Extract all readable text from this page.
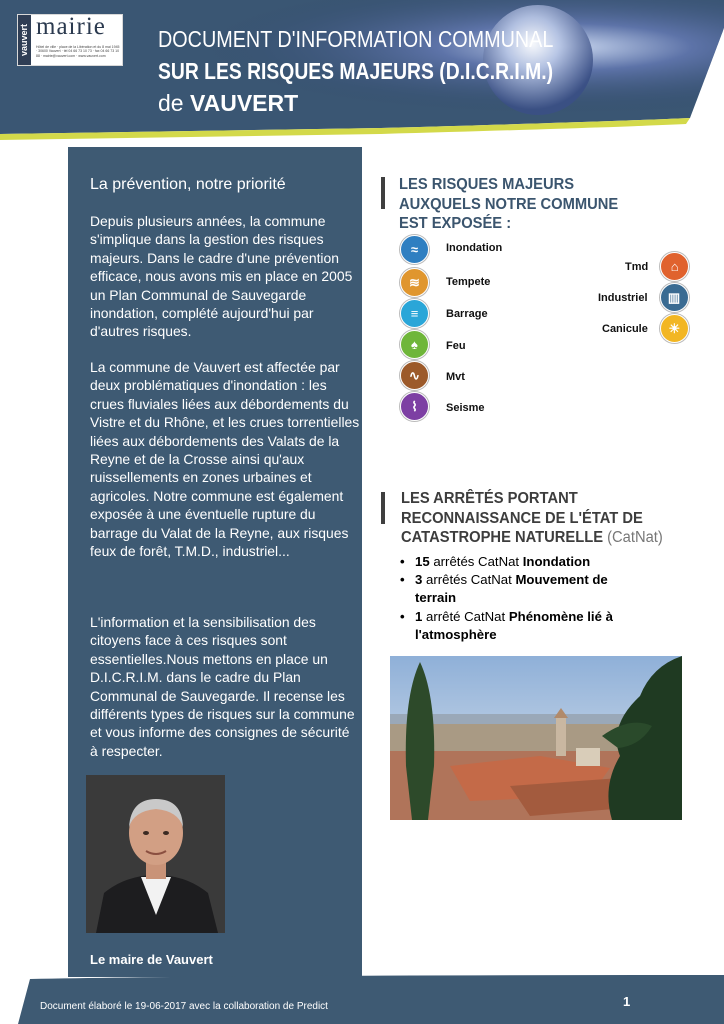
vauvert mairie
Hôtel de ville · place de la Libération et du 8 mai 1945 · 30600 Vauvert · tél 04 66 73 10 73 · fax 04 66 73 10 88 · mairie@vauvert.com · www.vauvert.com
DOCUMENT D'INFORMATION COMMUNAL
SUR LES RISQUES MAJEURS (D.I.C.R.I.M.)
de VAUVERT
La prévention, notre priorité
Depuis plusieurs années, la commune s'implique dans la gestion des risques majeurs. Dans le cadre d'une prévention efficace, nous avons mis en place en 2005 un Plan Communal de Sauvegarde inondation, complété aujourd'hui par d'autres risques.
La commune de Vauvert est affectée par deux problématiques d'inondation : les crues fluviales liées aux débordements du Vistre et du Rhône, et les crues torrentielles liées aux débordements des Valats de la Reyne et de la Crosse ainsi qu'aux ruissellements en zones urbaines et agricoles. Notre commune est également exposée à une éventuelle rupture du barrage du Valat de la Reyne, aux risques feux de forêt, T.M.D., industriel...
L'information et la sensibilisation des citoyens face à ces risques sont essentielles.Nous mettons en place un D.I.C.R.I.M. dans le cadre du Plan Communal de Sauvegarde. Il recense les différents types de risques sur la commune et vous informe des consignes de sécurité à respecter.
Le maire de Vauvert
LES RISQUES MAJEURS
AUXQUELS NOTRE COMMUNE
EST EXPOSÉE :
≈	Inondation
≋	Tempete
≡	Barrage
♠	Feu
∿	Mvt
⌇	Seisme
Tmd	⌂
Industriel	▥
Canicule	☀
LES ARRÊTÉS PORTANT
RECONNAISSANCE DE L'ÉTAT DE
CATASTROPHE NATURELLE (CatNat)
• 15 arrêtés CatNat Inondation
• 3 arrêtés CatNat Mouvement de terrain
• 1 arrêté CatNat Phénomène lié à l'atmosphère
Document élaboré le 19-06-2017 avec la collaboration de Predict	1
